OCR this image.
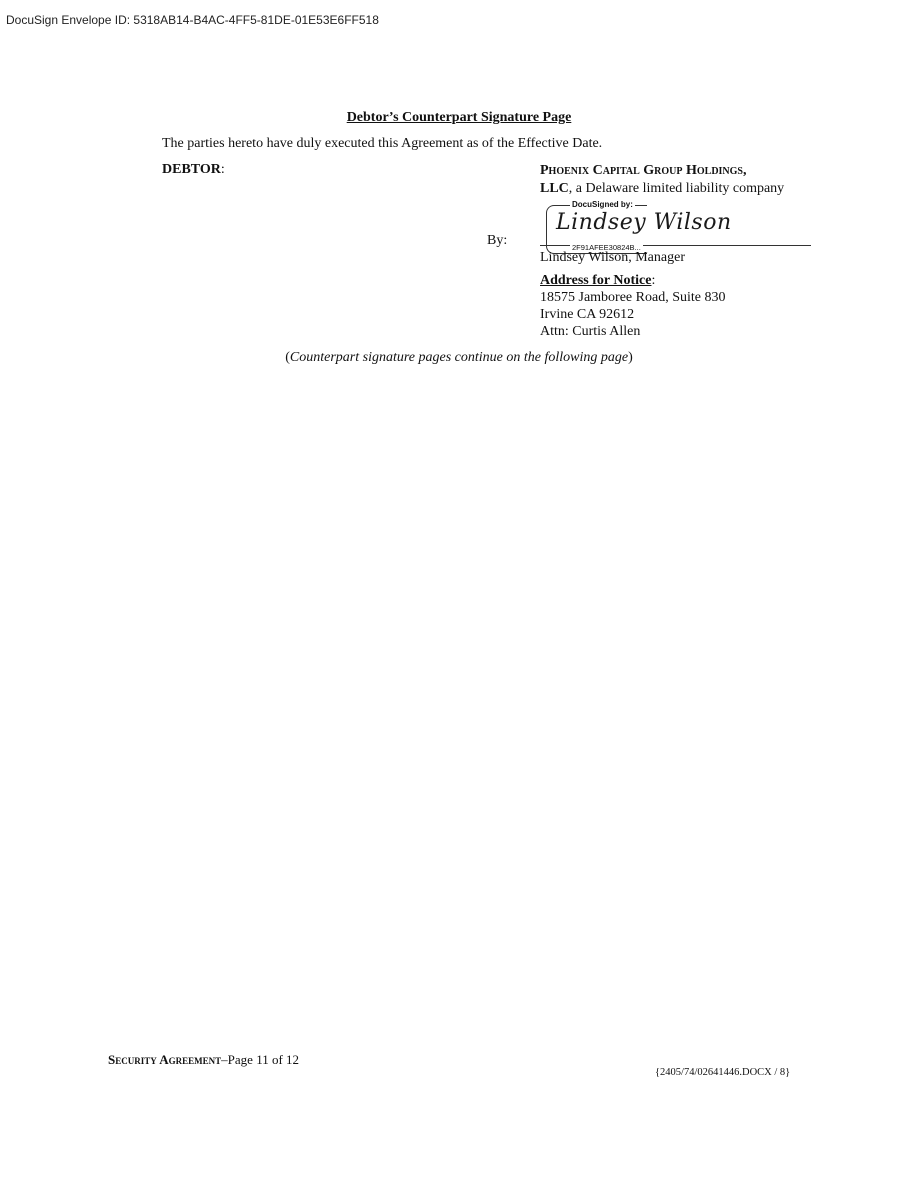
DocuSign Envelope ID: 5318AB14-B4AC-4FF5-81DE-01E53E6FF518
Debtor’s Counterpart Signature Page
The parties hereto have duly executed this Agreement as of the Effective Date.
DEBTOR:	Phoenix Capital Group Holdings,
LLC, a Delaware limited liability company
By:
DocuSigned by:
Lindsey Wilson
2F91AFEE30824B...
Lindsey Wilson, Manager
Address for Notice:
18575 Jamboree Road, Suite 830
Irvine CA 92612
Attn: Curtis Allen
(Counterpart signature pages continue on the following page)
Security Agreement–Page 11 of 12
{2405/74/02641446.DOCX / 8}
